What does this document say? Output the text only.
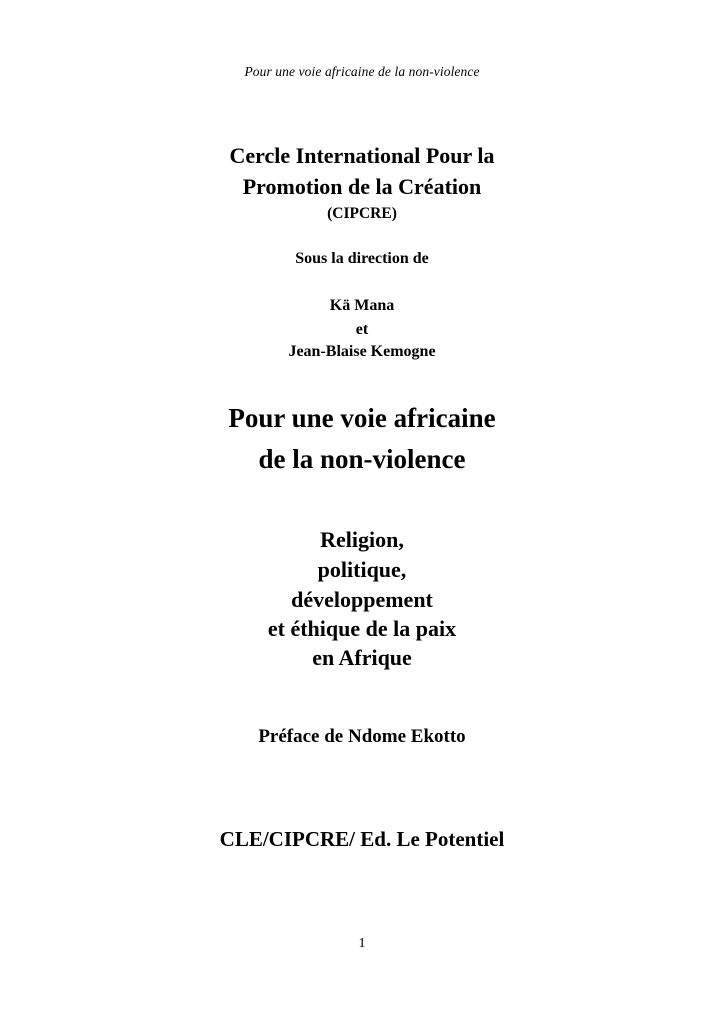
Pour une voie africaine de la non-violence
Cercle International Pour la
Promotion de la Création
(CIPCRE)
Sous la direction de
Kä Mana
et
Jean-Blaise Kemogne
Pour une voie africaine
de la non-violence
Religion,
politique,
développement
et éthique de la paix
en Afrique
Préface de Ndome Ekotto
CLE/CIPCRE/ Ed. Le Potentiel
1
